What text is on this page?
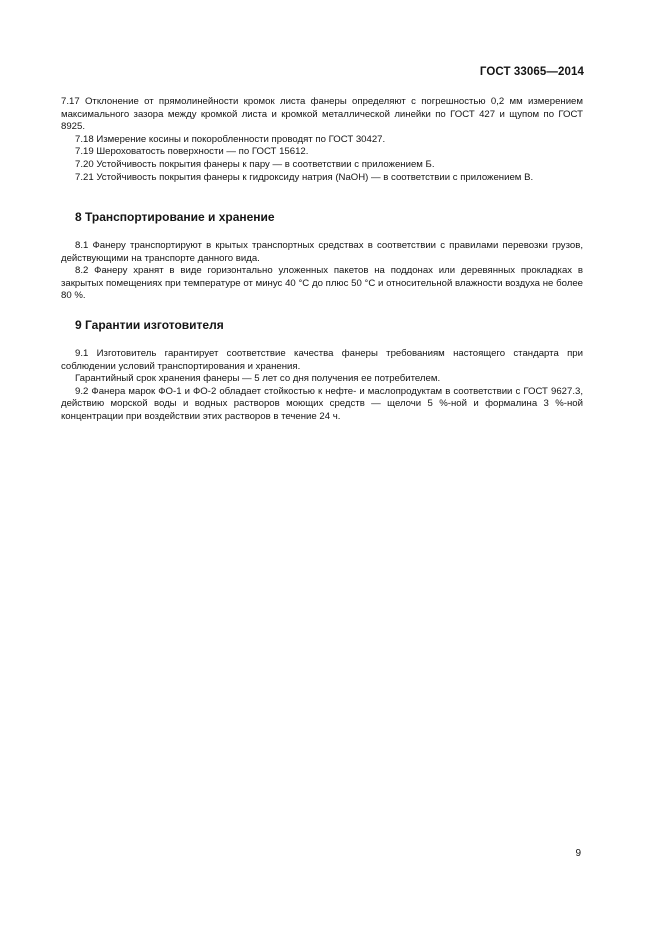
ГОСТ 33065—2014

7.17 Отклонение от прямолинейности кромок листа фанеры определяют с погрешностью 0,2 мм измерением максимального зазора между кромкой листа и кромкой металлической линейки по ГОСТ 427 и щупом по ГОСТ 8925.

7.18 Измерение косины и покоробленности проводят по ГОСТ 30427.

7.19 Шероховатость поверхности — по ГОСТ 15612.

7.20 Устойчивость покрытия фанеры к пару — в соответствии с приложением Б.

7.21 Устойчивость покрытия фанеры к гидроксиду натрия (NaOH) — в соответствии с приложением В.

8 Транспортирование и хранение

8.1 Фанеру транспортируют в крытых транспортных средствах в соответствии с правилами перевозки грузов, действующими на транспорте данного вида.

8.2 Фанеру хранят в виде горизонтально уложенных пакетов на поддонах или деревянных прокладках в закрытых помещениях при температуре от минус 40 °C до плюс 50 °C и относительной влажности воздуха не более 80 %.

9 Гарантии изготовителя

9.1 Изготовитель гарантирует соответствие качества фанеры требованиям настоящего стандарта при соблюдении условий транспортирования и хранения.

Гарантийный срок хранения фанеры — 5 лет со дня получения ее потребителем.

9.2 Фанера марок ФО-1 и ФО-2 обладает стойкостью к нефте- и маслопродуктам в соответствии с ГОСТ 9627.3, действию морской воды и водных растворов моющих средств — щелочи 5 %-ной и формалина 3 %-ной концентрации при воздействии этих растворов в течение 24 ч.

9
